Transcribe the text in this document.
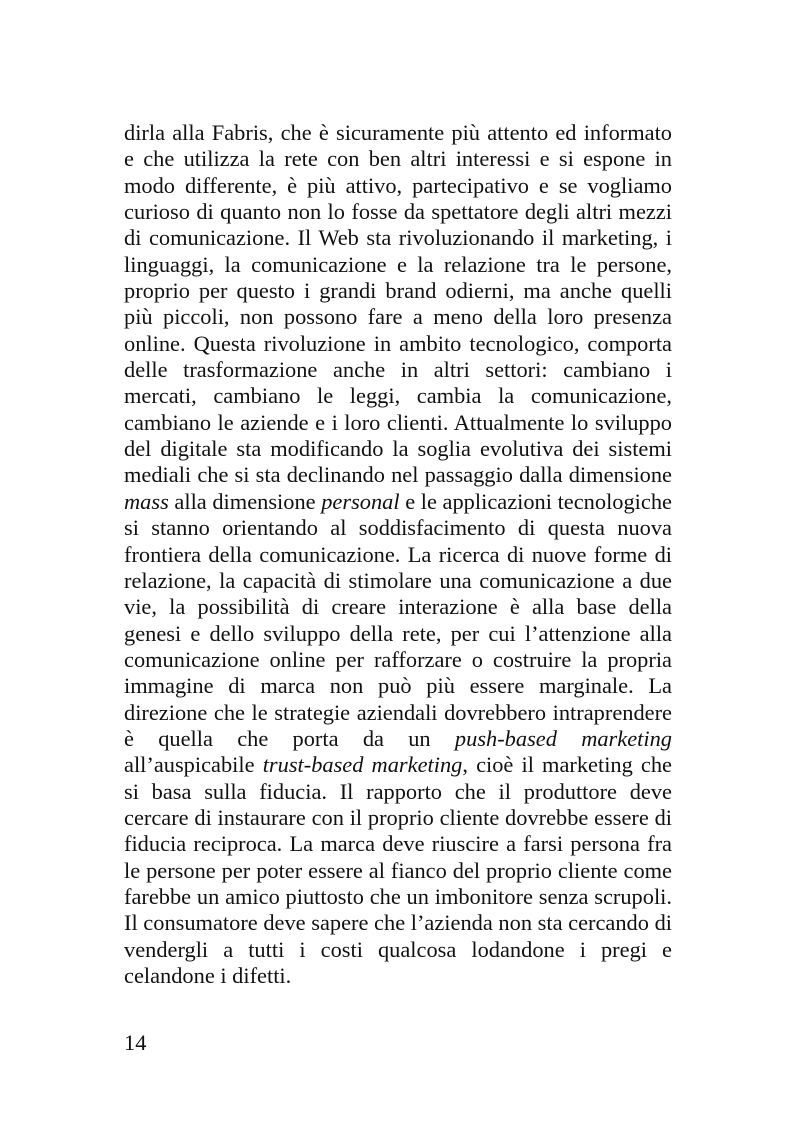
dirla alla Fabris, che è sicuramente più attento ed informato e che utilizza la rete con ben altri interessi e si espone in modo differente, è più attivo, partecipativo e se vogliamo curioso di quanto non lo fosse da spettatore degli altri mezzi di comunicazione. Il Web sta rivoluzionando il marketing, i linguaggi, la comunicazione e la relazione tra le persone, proprio per questo i grandi brand odierni, ma anche quelli più piccoli, non possono fare a meno della loro presenza online. Questa rivoluzione in ambito tecnologico, comporta delle trasformazione anche in altri settori: cambiano i mercati, cambiano le leggi, cambia la comunicazione, cambiano le aziende e i loro clienti. Attualmente lo sviluppo del digitale sta modificando la soglia evolutiva dei sistemi mediali che si sta declinando nel passaggio dalla dimensione mass alla dimensione personal e le applicazioni tecnologiche si stanno orientando al soddisfacimento di questa nuova frontiera della comunicazione. La ricerca di nuove forme di relazione, la capacità di stimolare una comunicazione a due vie, la possibilità di creare interazione è alla base della genesi e dello sviluppo della rete, per cui l’attenzione alla comunicazione online per rafforzare o costruire la propria immagine di marca non può più essere marginale. La direzione che le strategie aziendali dovrebbero intraprendere è quella che porta da un push-based marketing all’auspicabile trust-based marketing, cioè il marketing che si basa sulla fiducia. Il rapporto che il produttore deve cercare di instaurare con il proprio cliente dovrebbe essere di fiducia reciproca. La marca deve riuscire a farsi persona fra le persone per poter essere al fianco del proprio cliente come farebbe un amico piuttosto che un imbonitore senza scrupoli. Il consumatore deve sapere che l’azienda non sta cercando di vendergli a tutti i costi qualcosa lodandone i pregi e celandone i difetti.

14
